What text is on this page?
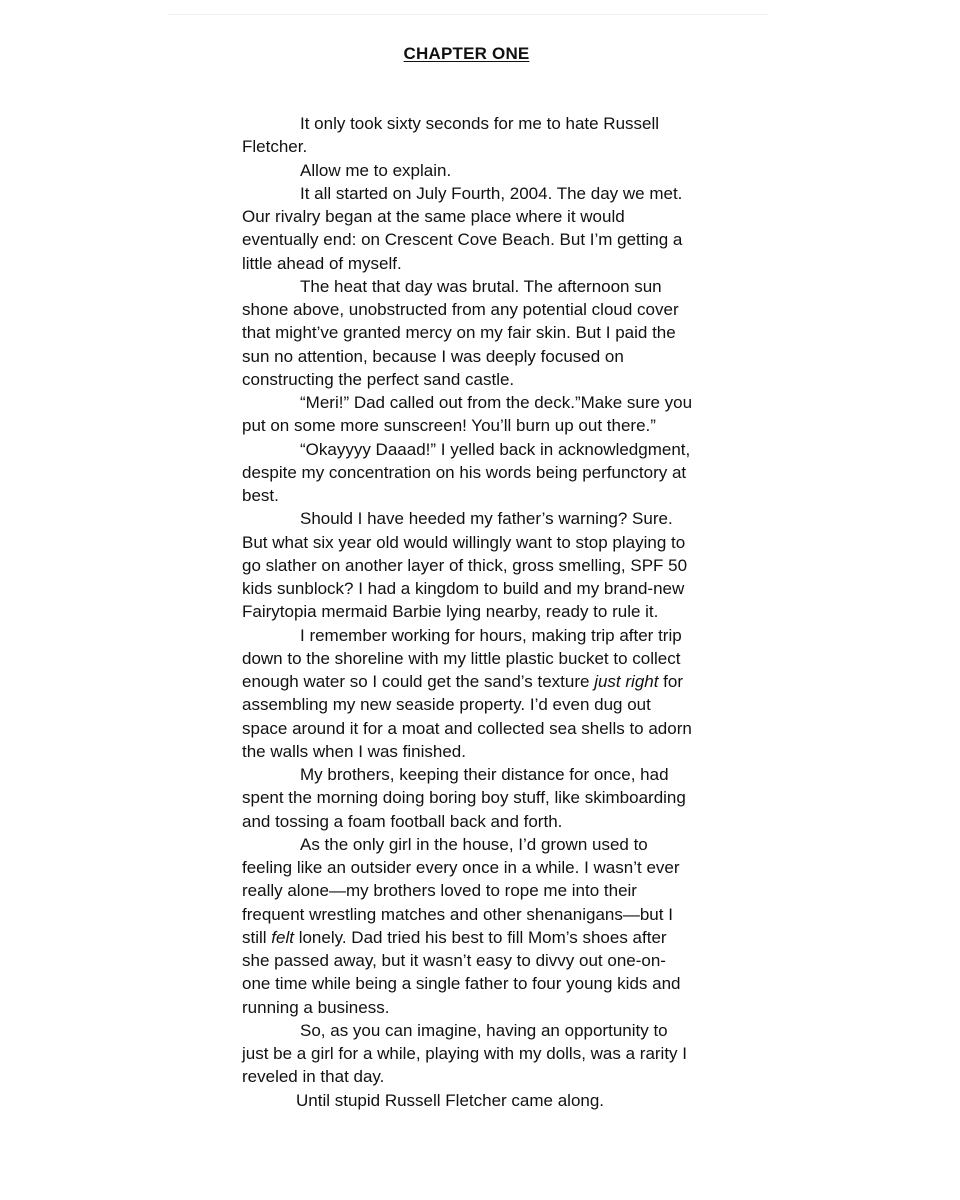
CHAPTER ONE

It only took sixty seconds for me to hate Russell Fletcher.

Allow me to explain.

It all started on July Fourth, 2004. The day we met. Our rivalry began at the same place where it would eventually end: on Crescent Cove Beach. But I’m getting a little ahead of myself.

The heat that day was brutal. The afternoon sun shone above, unobstructed from any potential cloud cover that might’ve granted mercy on my fair skin. But I paid the sun no attention, because I was deeply focused on constructing the perfect sand castle.

“Meri!” Dad called out from the deck.”Make sure you put on some more sunscreen! You’ll burn up out there.”

“Okayyyy Daaad!” I yelled back in acknowledgment, despite my concentration on his words being perfunctory at best.

Should I have heeded my father’s warning? Sure. But what six year old would willingly want to stop playing to go slather on another layer of thick, gross smelling, SPF 50 kids sunblock? I had a kingdom to build and my brand-new Fairytopia mermaid Barbie lying nearby, ready to rule it.

I remember working for hours, making trip after trip down to the shoreline with my little plastic bucket to collect enough water so I could get the sand’s texture just right for assembling my new seaside property. I’d even dug out space around it for a moat and collected sea shells to adorn the walls when I was finished.

My brothers, keeping their distance for once, had spent the morning doing boring boy stuff, like skimboarding and tossing a foam football back and forth.

As the only girl in the house, I’d grown used to feeling like an outsider every once in a while. I wasn’t ever really alone—my brothers loved to rope me into their frequent wrestling matches and other shenanigans—but I still felt lonely. Dad tried his best to fill Mom’s shoes after she passed away, but it wasn’t easy to divvy out one-on-one time while being a single father to four young kids and running a business.

So, as you can imagine, having an opportunity to just be a girl for a while, playing with my dolls, was a rarity I reveled in that day.

Until stupid Russell Fletcher came along.
